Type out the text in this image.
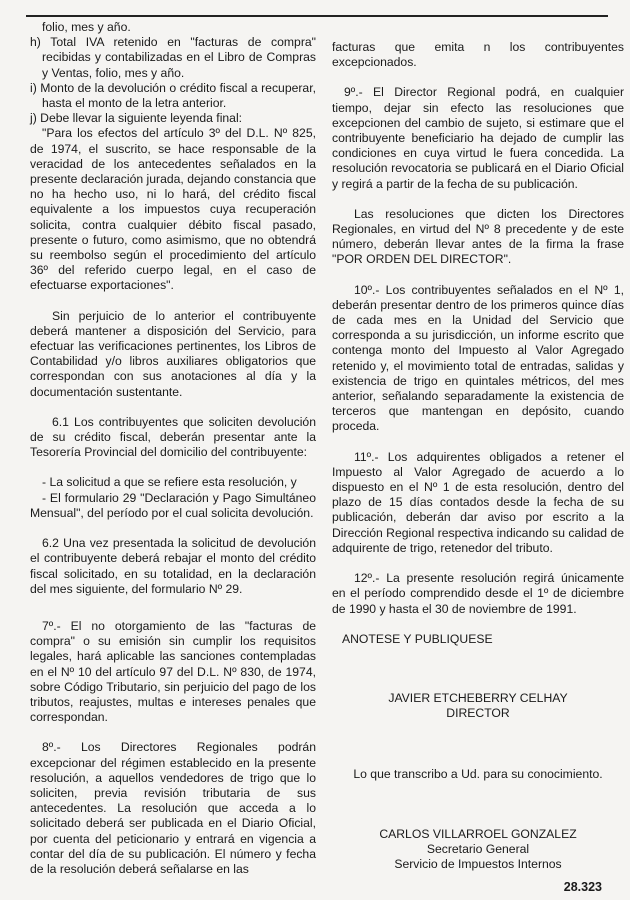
folio, mes y año.

h) Total IVA retenido en "facturas de compra" recibidas y contabilizadas en el Libro de Compras y Ventas, folio, mes y año.

i) Monto de la devolución o crédito fiscal a recuperar, hasta el monto de la letra anterior.

j) Debe llevar la siguiente leyenda final:

"Para los efectos del artículo 3º del D.L. Nº 825, de 1974, el suscrito, se hace responsable de la veracidad de los antecedentes señalados en la presente declaración jurada, dejando constancia que no ha hecho uso, ni lo hará, del crédito fiscal equivalente a los impuestos cuya recuperación solicita, contra cualquier débito fiscal pasado, presente o futuro, como asimismo, que no obtendrá su reembolso según el procedimiento del artículo 36º del referido cuerpo legal, en el caso de efectuarse exportaciones".

Sin perjuicio de lo anterior el contribuyente deberá mantener a disposición del Servicio, para efectuar las verificaciones pertinentes, los Libros de Contabilidad y/o libros auxiliares obligatorios que correspondan con sus anotaciones al día y la documentación sustentante.

6.1 Los contribuyentes que soliciten devolución de su crédito fiscal, deberán presentar ante la Tesorería Provincial del domicilio del contribuyente:

- La solicitud a que se refiere esta resolución, y

- El formulario 29 "Declaración y Pago Simultáneo Mensual", del período por el cual solicita devolución.

6.2 Una vez presentada la solicitud de devolución el contribuyente deberá rebajar el monto del crédito fiscal solicitado, en su totalidad, en la declaración del mes siguiente, del formulario Nº 29.

7º.- El no otorgamiento de las "facturas de compra" o su emisión sin cumplir los requisitos legales, hará aplicable las sanciones contempladas en el Nº 10 del artículo 97 del D.L. Nº 830, de 1974, sobre Código Tributario, sin perjuicio del pago de los tributos, reajustes, multas e intereses penales que correspondan.

8º.- Los Directores Regionales podrán excepcionar del régimen establecido en la presente resolución, a aquellos vendedores de trigo que lo soliciten, previa revisión tributaria de sus antecedentes. La resolución que acceda a lo solicitado deberá ser publicada en el Diario Oficial, por cuenta del peticionario y entrará en vigencia a contar del día de su publicación. El número y fecha de la resolución deberá señalarse en las

facturas que emita n los contribuyentes excepcionados.

9º.- El Director Regional podrá, en cualquier tiempo, dejar sin efecto las resoluciones que excepcionen del cambio de sujeto, si estimare que el contribuyente beneficiario ha dejado de cumplir las condiciones en cuya virtud le fuera concedida. La resolución revocatoria se publicará en el Diario Oficial y regirá a partir de la fecha de su publicación.

Las resoluciones que dicten los Directores Regionales, en virtud del Nº 8 precedente y de este número, deberán llevar antes de la firma la frase "POR ORDEN DEL DIRECTOR".

10º.- Los contribuyentes señalados en el Nº 1, deberán presentar dentro de los primeros quince días de cada mes en la Unidad del Servicio que corresponda a su jurisdicción, un informe escrito que contenga monto del Impuesto al Valor Agregado retenido y, el movimiento total de entradas, salidas y existencia de trigo en quintales métricos, del mes anterior, señalando separadamente la existencia de terceros que mantengan en depósito, cuando proceda.

11º.- Los adquirentes obligados a retener el Impuesto al Valor Agregado de acuerdo a lo dispuesto en el Nº 1 de esta resolución, dentro del plazo de 15 días contados desde la fecha de su publicación, deberán dar aviso por escrito a la Dirección Regional respectiva indicando su calidad de adquirente de trigo, retenedor del tributo.

12º.- La presente resolución regirá únicamente en el período comprendido desde el 1º de diciembre de 1990 y hasta el 30 de noviembre de 1991.

ANOTESE Y PUBLIQUESE

JAVIER ETCHEBERRY CELHAY
DIRECTOR

Lo que transcribo a Ud. para su conocimiento.

CARLOS VILLARROEL GONZALEZ
Secretario General
Servicio de Impuestos Internos
28.323
